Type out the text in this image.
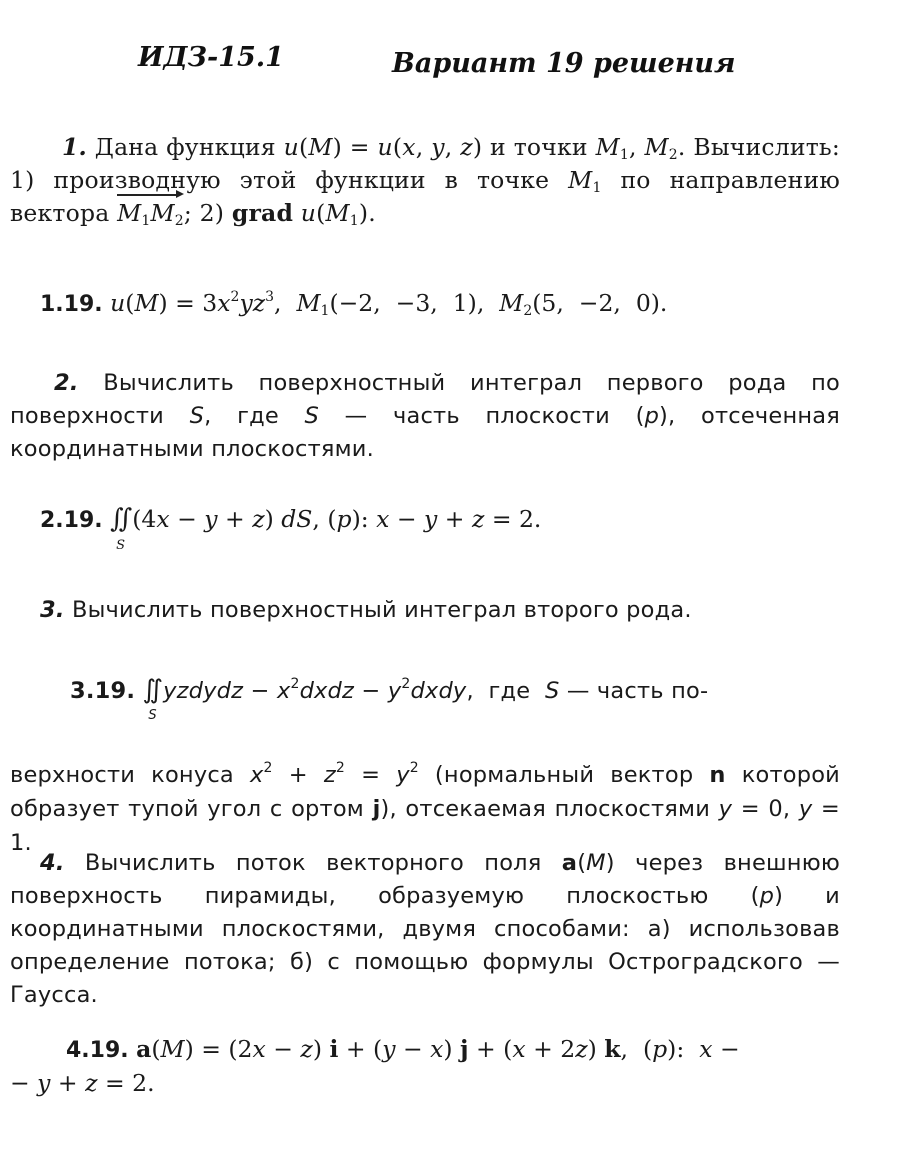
ИДЗ-15.1	Вариант 19 решения
1. Дана функция u(M) = u(x, y, z) и точки $M_1$, $M_2$. Вычислить: 1) производную этой функции в точке $M_1$ по направлению вектора $M_1M_2$; 2) grad $u(M_1)$.
1.19. $u(M) = 3x^2yz^3$,  $M_1(-2$,  −3,  1),  $M_2(5$,  −2,  0).
2. Вычислить поверхностный интеграл первого рода по поверхности S, где S — часть плоскости (p), отсеченная координатными плоскостями.
2.19. ∬
S
(4x − y + z) dS, (p): x − y + z = 2.
3. Вычислить поверхностный интеграл второго рода.
3.19. ∬
S
yzdydz − $x^2dxdz$ − $y^2dxdy$,  где  S — часть по-

верхности конуса $x^2 + z^2 = y^2$ (нормальный вектор n которой образует тупой угол с ортом j), отсекаемая плоскостями y = 0, y = 1.
4. Вычислить поток векторного поля a(M) через внешнюю поверхность пирамиды, образуемую плоскостью (p) и координатными плоскостями, двумя способами: а) использовав определение потока; б) с помощью формулы Остроградского — Гаусса.
4.19. a(M) = (2x − z) i + (y − x) j + (x + 2z) k,  (p):  x −
− y + z = 2.
